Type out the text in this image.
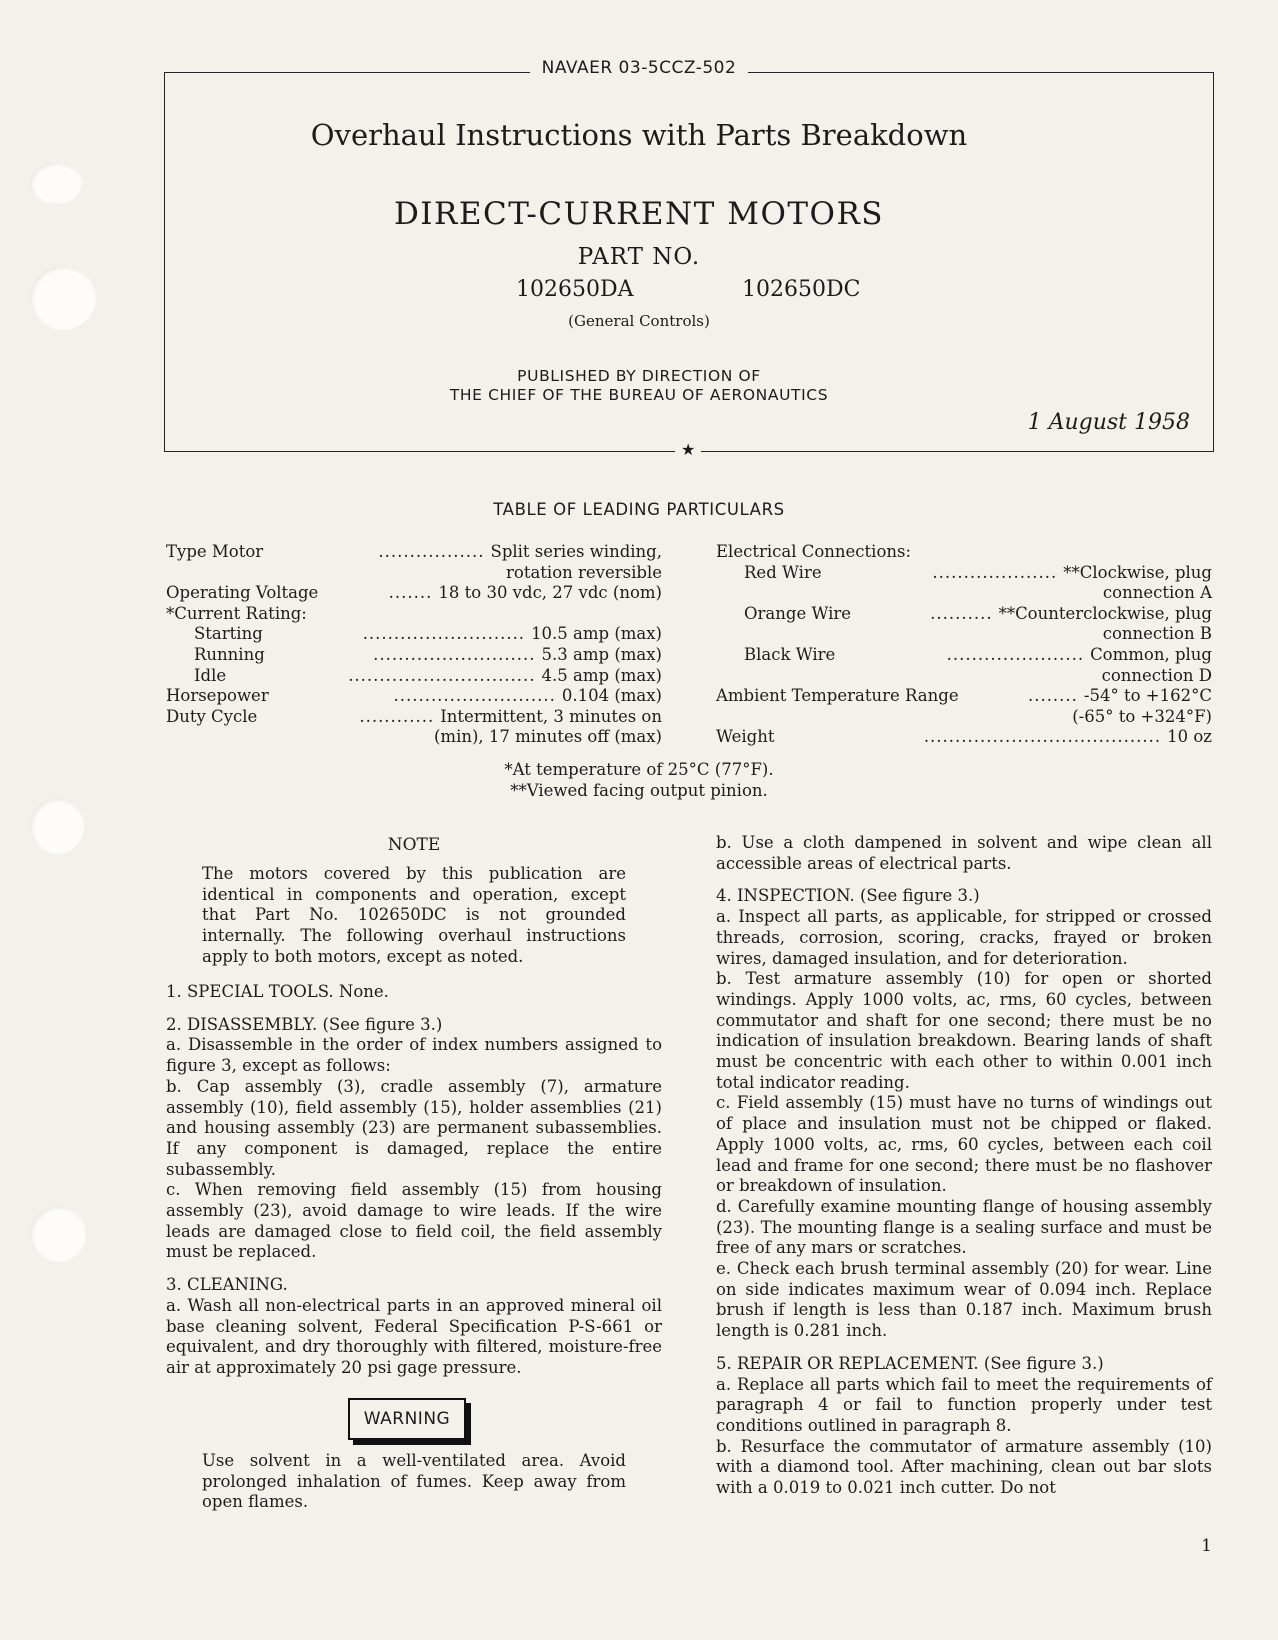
NAVAER 03-5CCZ-502
Overhaul Instructions with Parts Breakdown
DIRECT-CURRENT MOTORS
PART NO.
102650DA	102650DC
(General Controls)
PUBLISHED BY DIRECTION OF
THE CHIEF OF THE BUREAU OF AERONAUTICS
1 August 1958
★
TABLE OF LEADING PARTICULARS
Type Motor	................. Split series winding,
rotation reversible
Operating Voltage	....... 18 to 30 vdc, 27 vdc (nom)
*Current Rating:
Starting	.......................... 10.5 amp (max)
Running	.......................... 5.3 amp (max)
Idle	.............................. 4.5 amp (max)
Horsepower	.......................... 0.104 (max)
Duty Cycle	............ Intermittent, 3 minutes on
(min), 17 minutes off (max)
Electrical Connections:
Red Wire	.................... **Clockwise, plug
connection A
Orange Wire	.......... **Counterclockwise, plug
connection B
Black Wire	...................... Common, plug
connection D
Ambient Temperature Range	........ -54° to +162°C
(-65° to +324°F)
Weight	...................................... 10 oz
*At temperature of 25°C (77°F).
**Viewed facing output pinion.
NOTE
The motors covered by this publication are identical in components and operation, except that Part No. 102650DC is not grounded internally. The following overhaul instructions apply to both motors, except as noted.

1. SPECIAL TOOLS. None.

2. DISASSEMBLY. (See figure 3.)

a. Disassemble in the order of index numbers assigned to figure 3, except as follows:

b. Cap assembly (3), cradle assembly (7), armature assembly (10), field assembly (15), holder assemblies (21) and housing assembly (23) are permanent subassemblies. If any component is damaged, replace the entire subassembly.

c. When removing field assembly (15) from housing assembly (23), avoid damage to wire leads. If the wire leads are damaged close to field coil, the field assembly must be replaced.

3. CLEANING.

a. Wash all non-electrical parts in an approved mineral oil base cleaning solvent, Federal Specification P-S-661 or equivalent, and dry thoroughly with filtered, moisture-free air at approximately 20 psi gage pressure.

WARNING
Use solvent in a well-ventilated area. Avoid prolonged inhalation of fumes. Keep away from open flames.

b. Use a cloth dampened in solvent and wipe clean all accessible areas of electrical parts.

4. INSPECTION. (See figure 3.)

a. Inspect all parts, as applicable, for stripped or crossed threads, corrosion, scoring, cracks, frayed or broken wires, damaged insulation, and for deterioration.

b. Test armature assembly (10) for open or shorted windings. Apply 1000 volts, ac, rms, 60 cycles, between commutator and shaft for one second; there must be no indication of insulation breakdown. Bearing lands of shaft must be concentric with each other to within 0.001 inch total indicator reading.

c. Field assembly (15) must have no turns of windings out of place and insulation must not be chipped or flaked. Apply 1000 volts, ac, rms, 60 cycles, between each coil lead and frame for one second; there must be no flashover or breakdown of insulation.

d. Carefully examine mounting flange of housing assembly (23). The mounting flange is a sealing surface and must be free of any mars or scratches.

e. Check each brush terminal assembly (20) for wear. Line on side indicates maximum wear of 0.094 inch. Replace brush if length is less than 0.187 inch. Maximum brush length is 0.281 inch.

5. REPAIR OR REPLACEMENT. (See figure 3.)

a. Replace all parts which fail to meet the requirements of paragraph 4 or fail to function properly under test conditions outlined in paragraph 8.

b. Resurface the commutator of armature assembly (10) with a diamond tool. After machining, clean out bar slots with a 0.019 to 0.021 inch cutter. Do not

1
